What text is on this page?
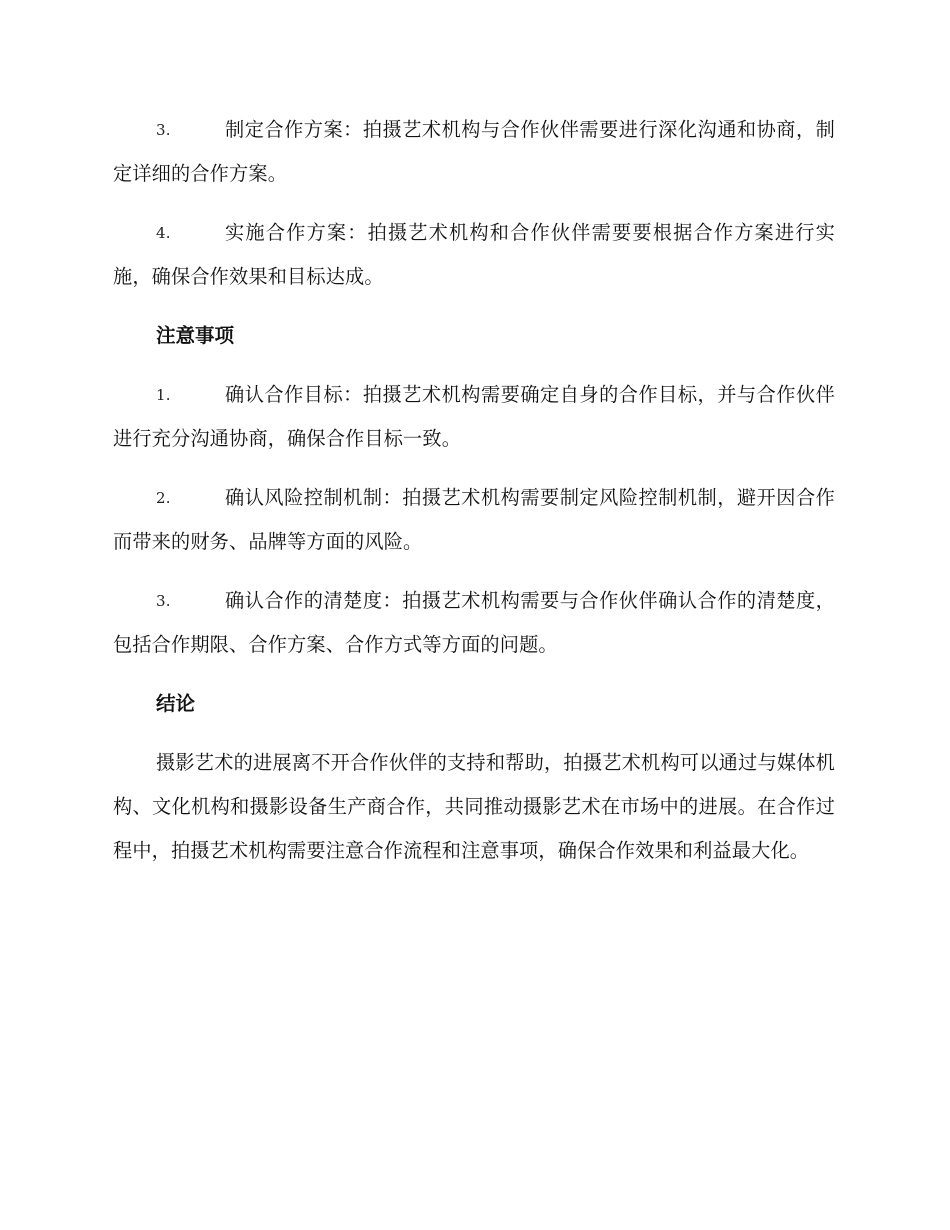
3.	制定合作方案：拍摄艺术机构与合作伙伴需要进行深化沟通和协商，制定详细的合作方案。
4.	实施合作方案：拍摄艺术机构和合作伙伴需要要根据合作方案进行实施，确保合作效果和目标达成。
注意事项
1.	确认合作目标：拍摄艺术机构需要确定自身的合作目标，并与合作伙伴进行充分沟通协商，确保合作目标一致。
2.	确认风险控制机制：拍摄艺术机构需要制定风险控制机制，避开因合作而带来的财务、品牌等方面的风险。
3.	确认合作的清楚度：拍摄艺术机构需要与合作伙伴确认合作的清楚度，包括合作期限、合作方案、合作方式等方面的问题。
结论

摄影艺术的进展离不开合作伙伴的支持和帮助，拍摄艺术机构可以通过与媒体机构、文化机构和摄影设备生产商合作，共同推动摄影艺术在市场中的进展。在合作过程中，拍摄艺术机构需要注意合作流程和注意事项，确保合作效果和利益最大化。
